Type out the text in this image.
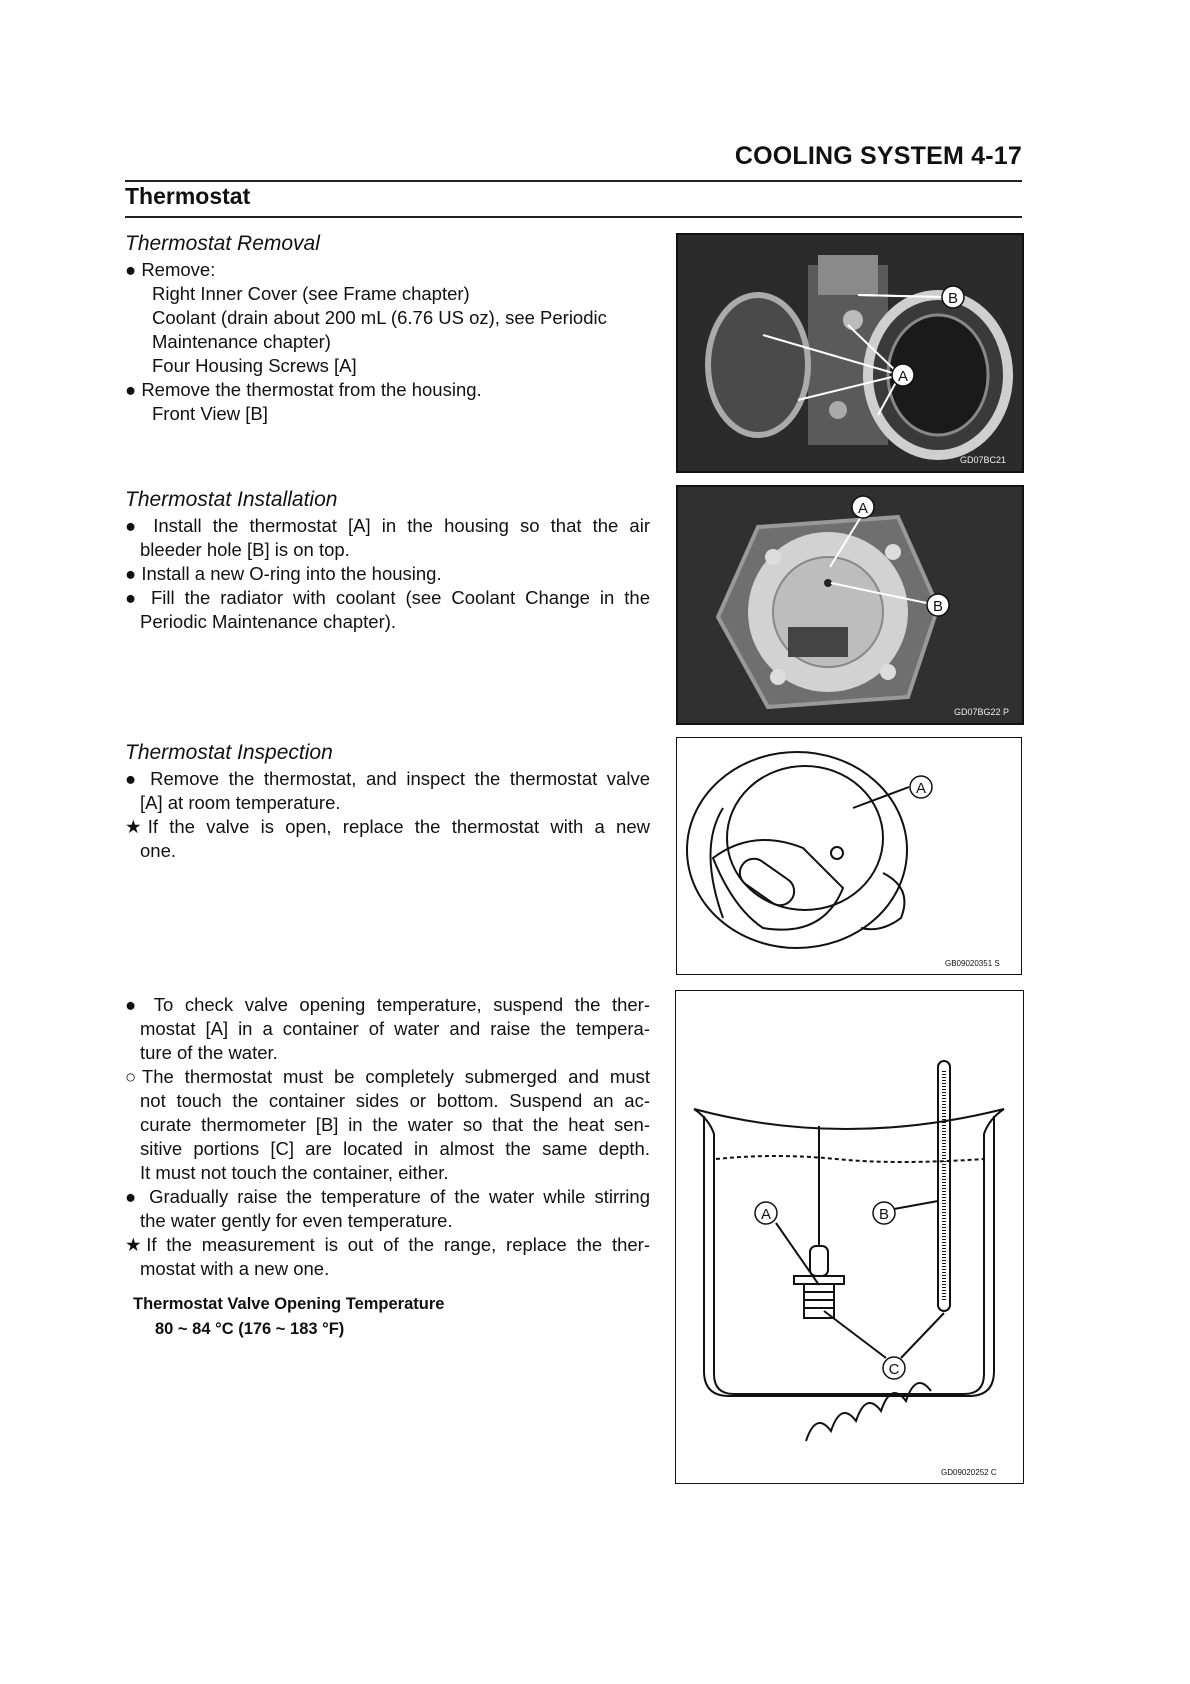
COOLING SYSTEM 4-17
Thermostat
Thermostat Removal
● Remove:
Right Inner Cover (see Frame chapter)
Coolant (drain about 200 mL (6.76 US oz), see Periodic
Maintenance chapter)
Four Housing Screws [A]
● Remove the thermostat from the housing.
Front View [B]
A
B
GD07BC21
Thermostat Installation
● Install the thermostat [A] in the housing so that the air
bleeder hole [B] is on top.
● Install a new O-ring into the housing.
● Fill the radiator with coolant (see Coolant Change in the
Periodic Maintenance chapter).
A
B
GD07BG22 P
Thermostat Inspection
● Remove the thermostat, and inspect the thermostat valve
[A] at room temperature.
★If the valve is open, replace the thermostat with a new
one.
A
GB09020351 S
● To check valve opening temperature, suspend the ther-
mostat [A] in a container of water and raise the tempera-
ture of the water.
○The thermostat must be completely submerged and must
not touch the container sides or bottom. Suspend an ac-
curate thermometer [B] in the water so that the heat sen-
sitive portions [C] are located in almost the same depth.
It must not touch the container, either.
● Gradually raise the temperature of the water while stirring
the water gently for even temperature.
★If the measurement is out of the range, replace the ther-
mostat with a new one.
Thermostat Valve Opening Temperature
80 ~ 84 °C (176 ~ 183 °F)
A	B
C
GD09020252 C
